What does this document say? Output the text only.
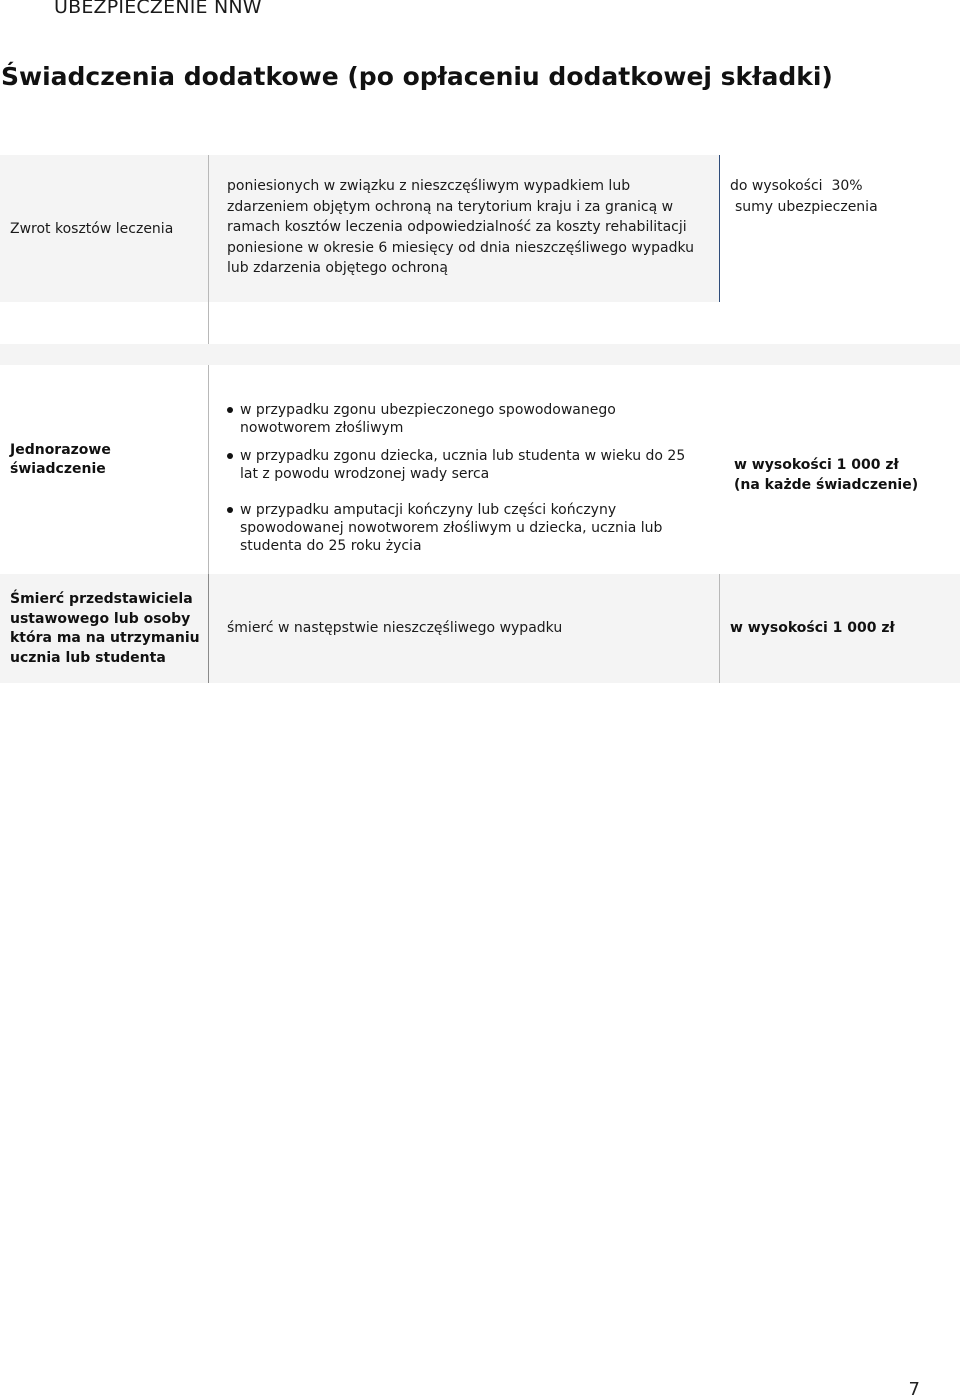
UBEZPIECZENIE NNW
Świadczenia dodatkowe (po opłaceniu dodatkowej składki)
Zwrot kosztów leczenia
poniesionych w związku z nieszczęśliwym wypadkiem lub zdarzeniem objętym ochroną na terytorium kraju i za granicą w ramach kosztów leczenia odpowiedzialność za koszty rehabilitacji poniesione w okresie 6 miesięcy od dnia nieszczęśliwego wypadku lub zdarzenia objętego ochroną
do wysokości  30%
sumy ubezpieczenia
Jednorazowe świadczenie
w przypadku zgonu ubezpieczonego spowodowanego nowotworem złośliwym
w przypadku zgonu dziecka, ucznia lub studenta w wieku do 25 lat z powodu wrodzonej wady serca
w przypadku amputacji kończyny lub części kończyny spowodowanej nowotworem złośliwym u dziecka, ucznia lub studenta do 25 roku życia
w wysokości 1 000 zł
(na każde świadczenie)
Śmierć przedstawiciela ustawowego lub osoby która ma na utrzymaniu ucznia lub studenta
śmierć w następstwie nieszczęśliwego wypadku	w wysokości 1 000 zł
7
